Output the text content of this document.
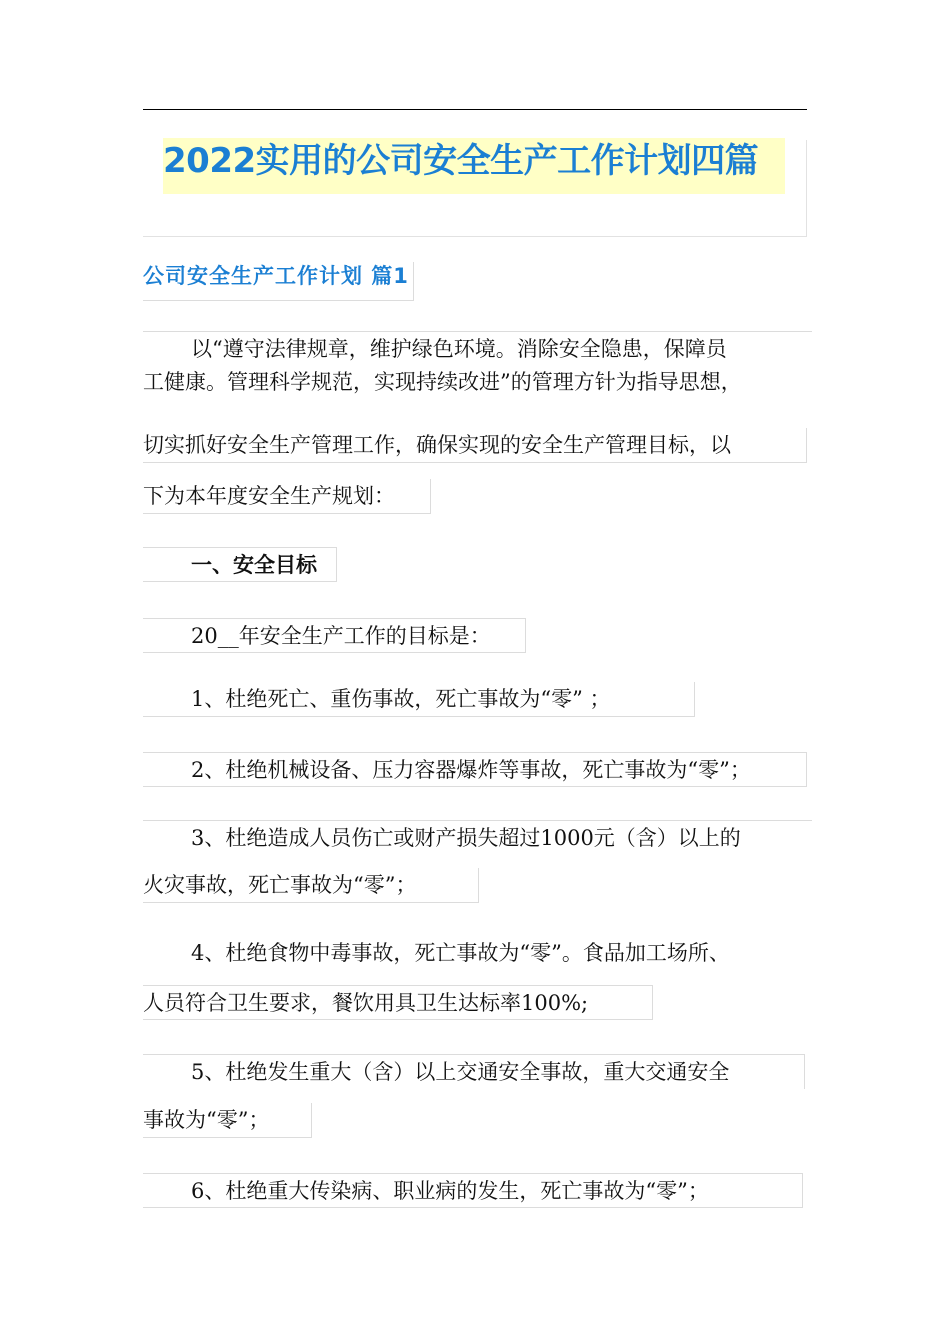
2022实用的公司安全生产工作计划四篇
公司安全生产工作计划 篇1
以“遵守法律规章，维护绿色环境。消除安全隐患，保障员
工健康。管理科学规范，实现持续改进”的管理方针为指导思想，
切实抓好安全生产管理工作，确保实现的安全生产管理目标，以
下为本年度安全生产规划：
一、安全目标
20__年安全生产工作的目标是：
1、杜绝死亡、重伤事故，死亡事故为“零” ；
2、杜绝机械设备、压力容器爆炸等事故，死亡事故为“零”；
3、杜绝造成人员伤亡或财产损失超过1000元（含）以上的
火灾事故，死亡事故为“零”；
4、杜绝食物中毒事故，死亡事故为“零”。食品加工场所、
人员符合卫生要求，餐饮用具卫生达标率100%;
5、杜绝发生重大（含）以上交通安全事故，重大交通安全
事故为“零”；
6、杜绝重大传染病、职业病的发生，死亡事故为“零”；
